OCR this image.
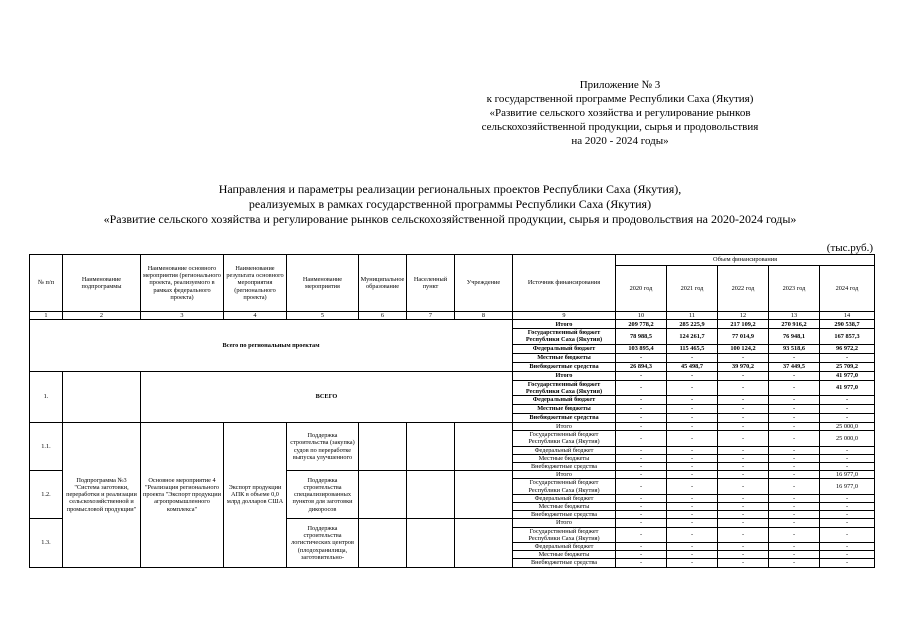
Приложение № 3
к государственной программе Республики Саха (Якутия)
«Развитие сельского хозяйства и регулирование рынков
сельскохозяйственной продукции, сырья и продовольствия
на 2020 - 2024 годы»
Направления и параметры реализации региональных проектов Республики Саха (Якутия),
реализуемых в рамках государственной программы Республики Саха (Якутия)
«Развитие сельского хозяйства и регулирование рынков сельскохозяйственной продукции, сырья и продовольствия на 2020-2024 годы»
(тыс.руб.)
№ п/п	Наименование подпрограммы	Наименование основного мероприятия (регионального проекта, реализуемого в рамках федерального проекта)	Наименование результата основного мероприятия (регионального проекта)	Наименование мероприятия	Муниципальное образование	Населенный пункт	Учреждение	Источник финансирования	Объем финансирования				
									2020 год	2021 год	2022 год	2023 год	2024 год
1	2	3	4	5	6	7	8	9	10	11	12	13	14
Всего по региональным проектам								Итого	209 778,2	285 225,9	217 109,2	270 916,2	290 538,7
								Государственный бюджет Республики Саха (Якутия)	78 988,5	124 261,7	77 014,9	76 948,1	167 857,3
								Федеральный бюджет	103 895,4	115 465,5	100 124,2	93 518,6	96 972,2
								Местные бюджеты	-	-	-	-	-
								Внебюджетные средства	26 894,3	45 498,7	39 970,2	37 449,5	25 709,2
1.		ВСЕГО						Итого	-	-	-	-	41 977,0
								Государственный бюджет Республики Саха (Якутия)	-	-	-	-	41 977,0
								Федеральный бюджет	-	-	-	-	-
								Местные бюджеты	-	-	-	-	-
								Внебюджетные средства	-	-	-	-	-
1.1.	Подпрограмма №3 "Система заготовки, переработки и реализации сельскохозяйственной и промысловой продукции"	Основное мероприятие 4 "Реализация регионального проекта "Экспорт продукции агропромышленного комплекса"	Экспорт продукции АПК в объеме 0,0 млрд долларов США	Поддержка строительства (закупка) судов по переработке выпуска улучшенного				Итого	-	-	-	-	25 000,0
								Государственный бюджет Республики Саха (Якутия)	-	-	-	-	25 000,0
								Федеральный бюджет	-	-	-	-	-
								Местные бюджеты	-	-	-	-	-
								Внебюджетные средства	-	-	-	-	-
1.2.				Поддержка строительства специализированных пунктов для заготовки дикоросов				Итого	-	-	-	-	16 977,0
								Государственный бюджет Республики Саха (Якутия)	-	-	-	-	16 977,0
								Федеральный бюджет	-	-	-	-	-
								Местные бюджеты	-	-	-	-	-
								Внебюджетные средства	-	-	-	-	-
1.3.				Поддержка строительства логистических центров (плодохранилища, заготовительно-				Итого	-	-	-	-	-
								Государственный бюджет Республики Саха (Якутия)	-	-	-	-	-
								Федеральный бюджет	-	-	-	-	-
								Местные бюджеты	-	-	-	-	-
								Внебюджетные средства	-	-	-	-	-
